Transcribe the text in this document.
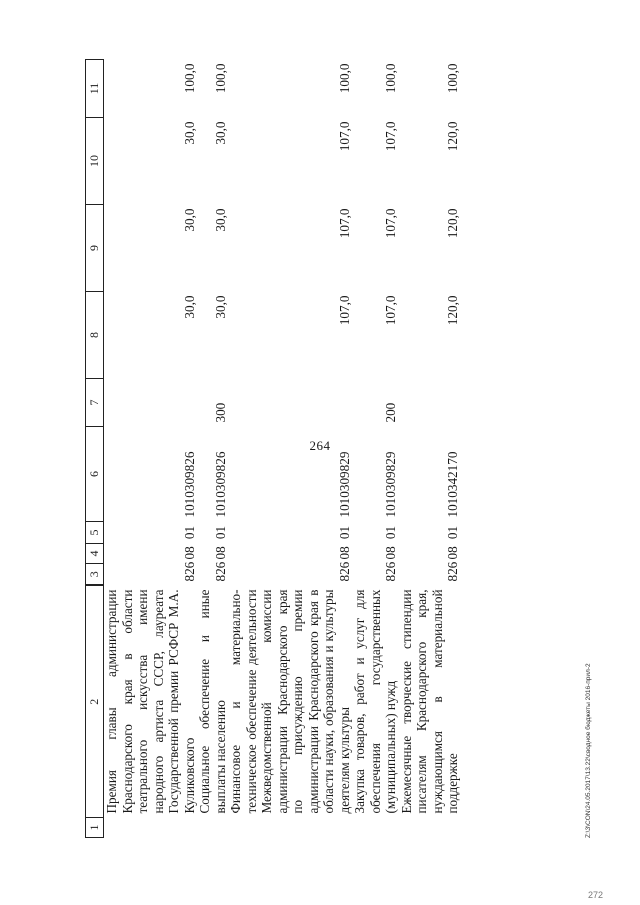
264
1	2	3	4	5	6	7	8	9	10	11
	Премия главы администрации Краснодарского края в области театрального искусства имени народного артиста СССР, лауреата Государственной премии РСФСР М.А. Куликовского	826	08	01	1010309826		30,0	30,0	30,0	100,0
	Социальное обеспечение и иные выплаты населению	826	08	01	1010309826	300	30,0	30,0	30,0	100,0
	Финансовое и материально-техническое обеспечение деятельности Межведомственной комиссии администрации Краснодарского края по присуждению премии администрации Краснодарского края в области науки, образования и культуры деятелям культуры	826	08	01	1010309829		107,0	107,0	107,0	100,0
	Закупка товаров, работ и услуг для обеспечения государственных (муниципальных) нужд	826	08	01	1010309829	200	107,0	107,0	107,0	100,0
	Ежемесячные творческие стипендии писателям Краснодарского края, нуждающимся в материальной поддержке	826	08	01	1010342170		120,0	120,0	120,0	100,0
Z:\3\CON\24.05.2017\13.22\сводное бюджеты 2016-прил-2
272
